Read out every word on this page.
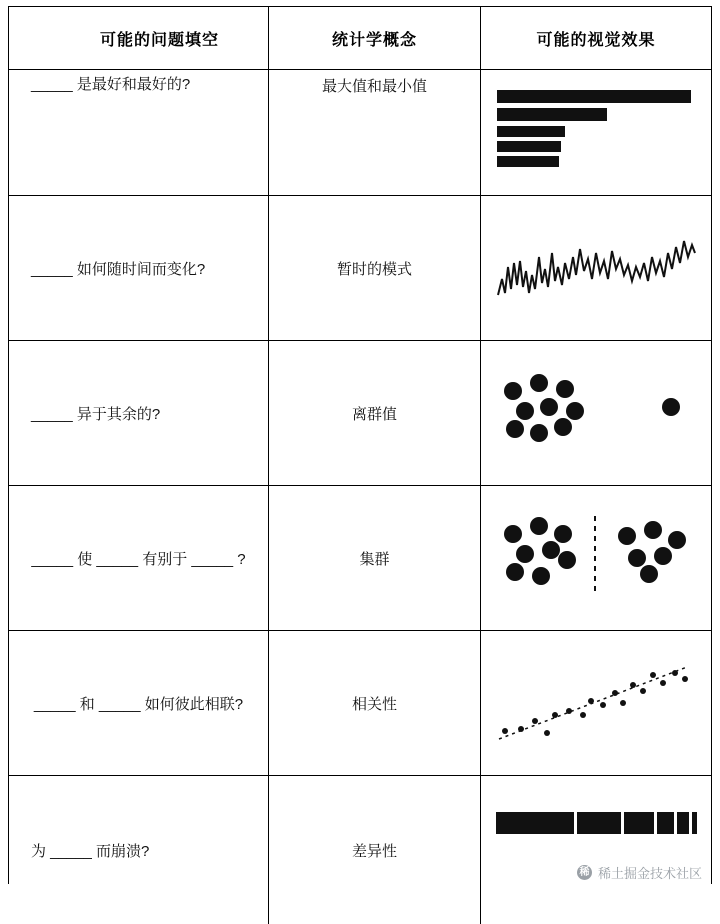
可能的问题填空	统计学概念	可能的视觉效果
_____ 是最好和最好的?	最大值和最小值
_____ 如何随时间而变化?	暂时的模式
_____ 异于其余的?	离群值
_____ 使 _____ 有别于 _____ ?	集群
_____ 和 _____ 如何彼此相联?	相关性
为 _____ 而崩溃?	差异性
稀 稀土掘金技术社区
